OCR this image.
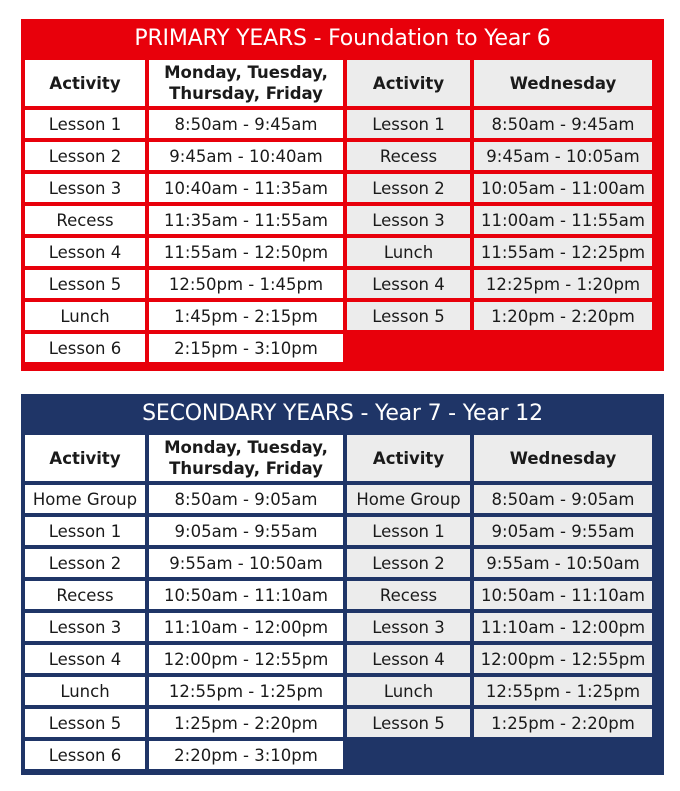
PRIMARY YEARS - Foundation to Year 6
Activity	Monday, Tuesday,
Thursday, Friday	Activity	Wednesday
Lesson 1	8:50am - 9:45am	Lesson 1	8:50am - 9:45am
Lesson 2	9:45am - 10:40am	Recess	9:45am - 10:05am
Lesson 3	10:40am - 11:35am	Lesson 2	10:05am - 11:00am
Recess	11:35am - 11:55am	Lesson 3	11:00am - 11:55am
Lesson 4	11:55am - 12:50pm	Lunch	11:55am - 12:25pm
Lesson 5	12:50pm - 1:45pm	Lesson 4	12:25pm - 1:20pm
Lunch	1:45pm - 2:15pm	Lesson 5	1:20pm - 2:20pm
Lesson 6	2:15pm - 3:10pm		
SECONDARY YEARS - Year 7 - Year 12
Activity	Monday, Tuesday,
Thursday, Friday	Activity	Wednesday
Home Group	8:50am - 9:05am	Home Group	8:50am - 9:05am
Lesson 1	9:05am - 9:55am	Lesson 1	9:05am - 9:55am
Lesson 2	9:55am - 10:50am	Lesson 2	9:55am - 10:50am
Recess	10:50am - 11:10am	Recess	10:50am - 11:10am
Lesson 3	11:10am - 12:00pm	Lesson 3	11:10am - 12:00pm
Lesson 4	12:00pm - 12:55pm	Lesson 4	12:00pm - 12:55pm
Lunch	12:55pm - 1:25pm	Lunch	12:55pm - 1:25pm
Lesson 5	1:25pm - 2:20pm	Lesson 5	1:25pm - 2:20pm
Lesson 6	2:20pm - 3:10pm		
